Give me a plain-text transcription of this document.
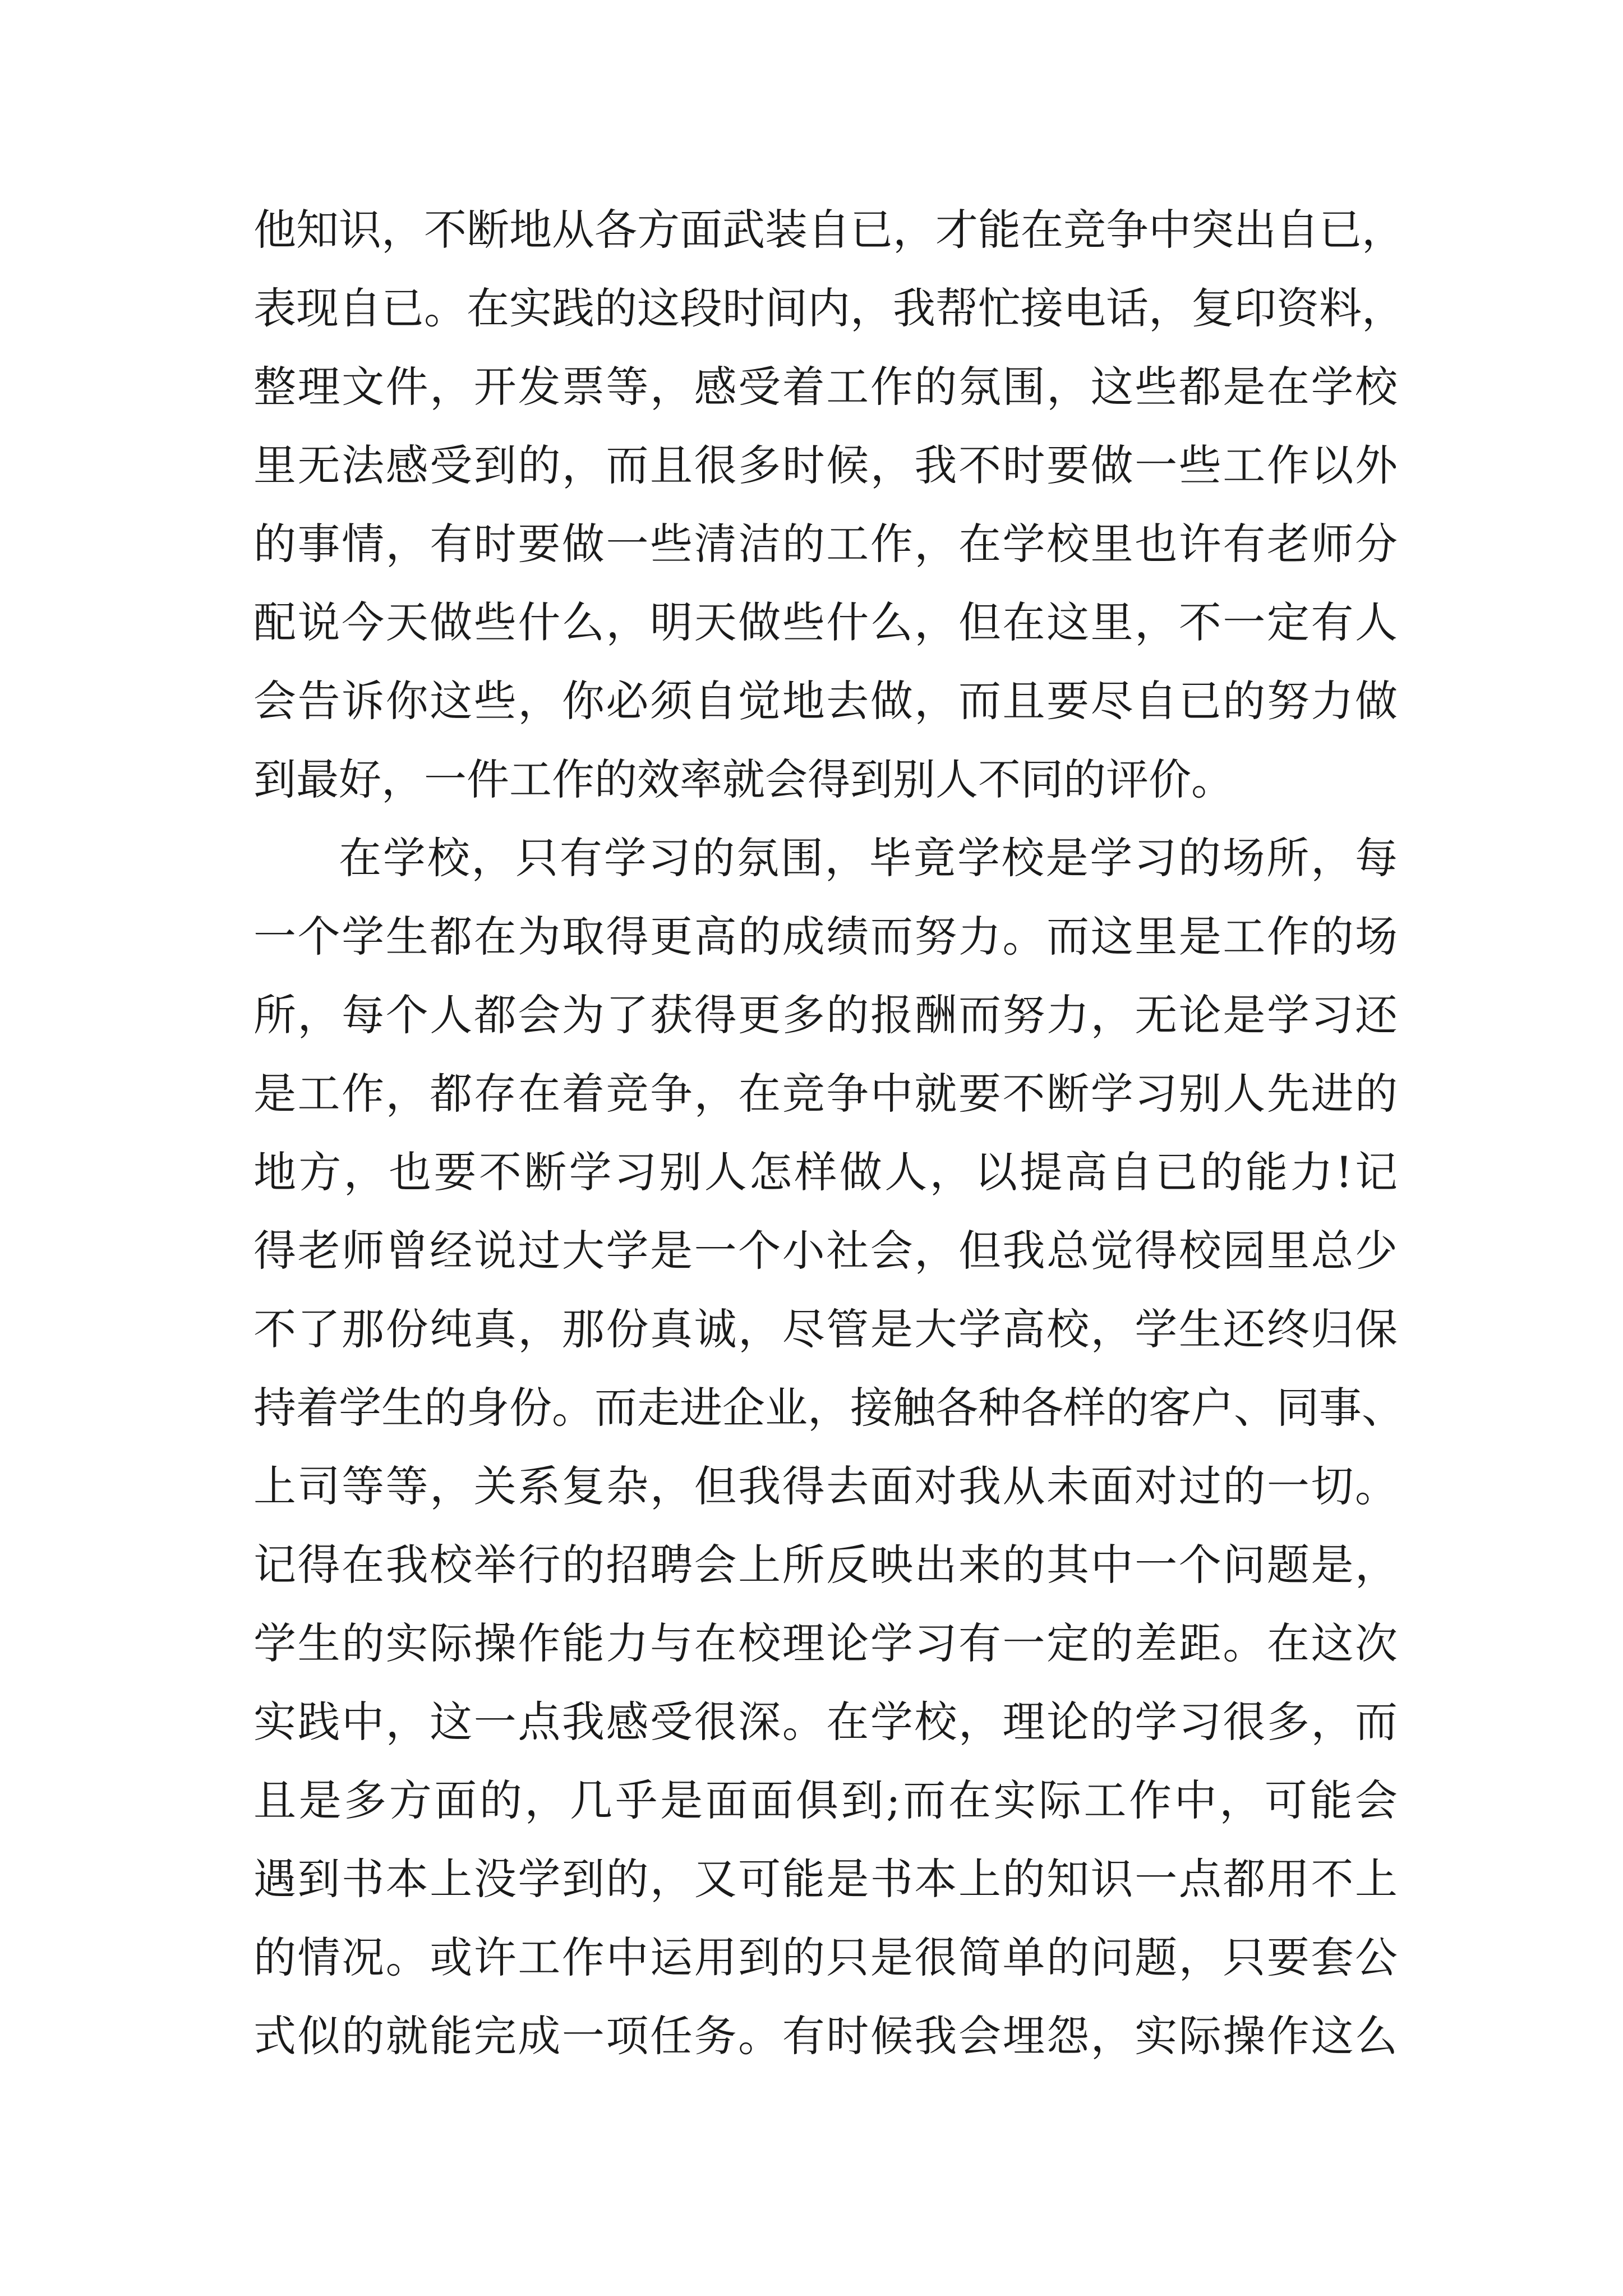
他知识，不断地从各方面武装自已，才能在竞争中突出自已，
表现自已。在实践的这段时间内，我帮忙接电话，复印资料，
整理文件，开发票等，感受着工作的氛围，这些都是在学校
里无法感受到的，而且很多时候，我不时要做一些工作以外
的事情，有时要做一些清洁的工作，在学校里也许有老师分
配说今天做些什么，明天做些什么，但在这里，不一定有人
会告诉你这些，你必须自觉地去做，而且要尽自已的努力做
到最好，一件工作的效率就会得到别人不同的评价。
在学校，只有学习的氛围，毕竟学校是学习的场所，每
一个学生都在为取得更高的成绩而努力。而这里是工作的场
所，每个人都会为了获得更多的报酬而努力，无论是学习还
是工作，都存在着竞争，在竞争中就要不断学习别人先进的
地方，也要不断学习别人怎样做人，以提高自已的能力!记
得老师曾经说过大学是一个小社会，但我总觉得校园里总少
不了那份纯真，那份真诚，尽管是大学高校，学生还终归保
持着学生的身份。而走进企业，接触各种各样的客户、同事、
上司等等，关系复杂，但我得去面对我从未面对过的一切。
记得在我校举行的招聘会上所反映出来的其中一个问题是，
学生的实际操作能力与在校理论学习有一定的差距。在这次
实践中，这一点我感受很深。在学校，理论的学习很多，而
且是多方面的，几乎是面面俱到;而在实际工作中，可能会
遇到书本上没学到的，又可能是书本上的知识一点都用不上
的情况。或许工作中运用到的只是很简单的问题，只要套公
式似的就能完成一项任务。有时候我会埋怨，实际操作这么
